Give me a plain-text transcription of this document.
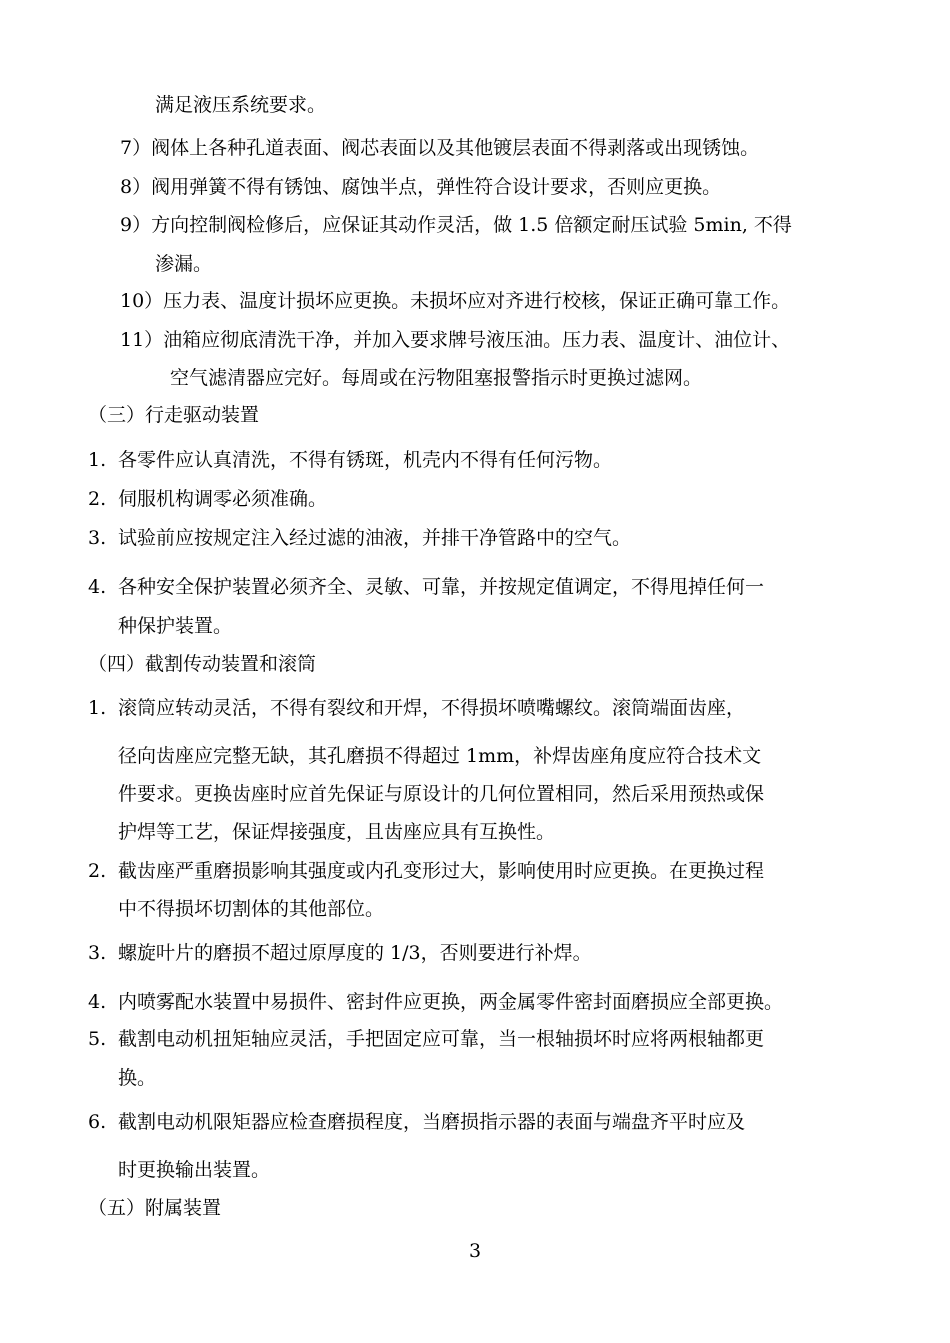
满足液压系统要求。
7）阀体上各种孔道表面、阀芯表面以及其他镀层表面不得剥落或出现锈蚀。
8）阀用弹簧不得有锈蚀、腐蚀半点，弹性符合设计要求，否则应更换。
9）方向控制阀检修后，应保证其动作灵活，做 1.5 倍额定耐压试验 5min, 不得
渗漏。
10）压力表、温度计损坏应更换。未损坏应对齐进行校核，保证正确可靠工作。
11）油箱应彻底清洗干净，并加入要求牌号液压油。压力表、温度计、油位计、
空气滤清器应完好。每周或在污物阻塞报警指示时更换过滤网。
（三）行走驱动装置
1. 各零件应认真清洗，不得有锈斑，机壳内不得有任何污物。
2. 伺服机构调零必须准确。
3. 试验前应按规定注入经过滤的油液，并排干净管路中的空气。
4. 各种安全保护装置必须齐全、灵敏、可靠，并按规定值调定，不得甩掉任何一
种保护装置。
（四）截割传动装置和滚筒
1. 滚筒应转动灵活，不得有裂纹和开焊，不得损坏喷嘴螺纹。滚筒端面齿座，
径向齿座应完整无缺，其孔磨损不得超过 1mm，补焊齿座角度应符合技术文
件要求。更换齿座时应首先保证与原设计的几何位置相同，然后采用预热或保
护焊等工艺，保证焊接强度，且齿座应具有互换性。
2. 截齿座严重磨损影响其强度或内孔变形过大，影响使用时应更换。在更换过程
中不得损坏切割体的其他部位。
3. 螺旋叶片的磨损不超过原厚度的 1/3，否则要进行补焊。
4. 内喷雾配水装置中易损件、密封件应更换，两金属零件密封面磨损应全部更换。
5. 截割电动机扭矩轴应灵活，手把固定应可靠，当一根轴损坏时应将两根轴都更
换。
6. 截割电动机限矩器应检查磨损程度，当磨损指示器的表面与端盘齐平时应及
时更换输出装置。
（五）附属装置
3
